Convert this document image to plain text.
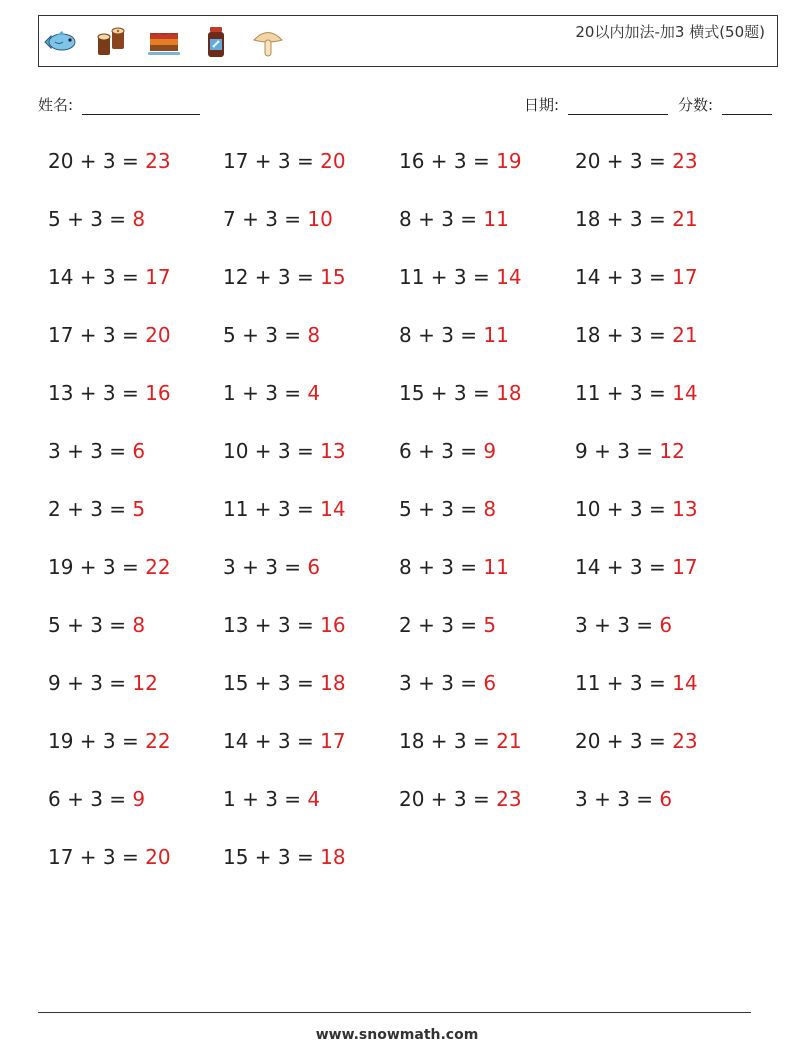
20以内加法-加3 横式(50题)
姓名:	日期:	分数:
20 + 3 = 23	17 + 3 = 20	16 + 3 = 19	20 + 3 = 23
5 + 3 = 8	7 + 3 = 10	8 + 3 = 11	18 + 3 = 21
14 + 3 = 17	12 + 3 = 15	11 + 3 = 14	14 + 3 = 17
17 + 3 = 20	5 + 3 = 8	8 + 3 = 11	18 + 3 = 21
13 + 3 = 16	1 + 3 = 4	15 + 3 = 18	11 + 3 = 14
3 + 3 = 6	10 + 3 = 13	6 + 3 = 9	9 + 3 = 12
2 + 3 = 5	11 + 3 = 14	5 + 3 = 8	10 + 3 = 13
19 + 3 = 22	3 + 3 = 6	8 + 3 = 11	14 + 3 = 17
5 + 3 = 8	13 + 3 = 16	2 + 3 = 5	3 + 3 = 6
9 + 3 = 12	15 + 3 = 18	3 + 3 = 6	11 + 3 = 14
19 + 3 = 22	14 + 3 = 17	18 + 3 = 21	20 + 3 = 23
6 + 3 = 9	1 + 3 = 4	20 + 3 = 23	3 + 3 = 6
17 + 3 = 20	15 + 3 = 18
www.snowmath.com
